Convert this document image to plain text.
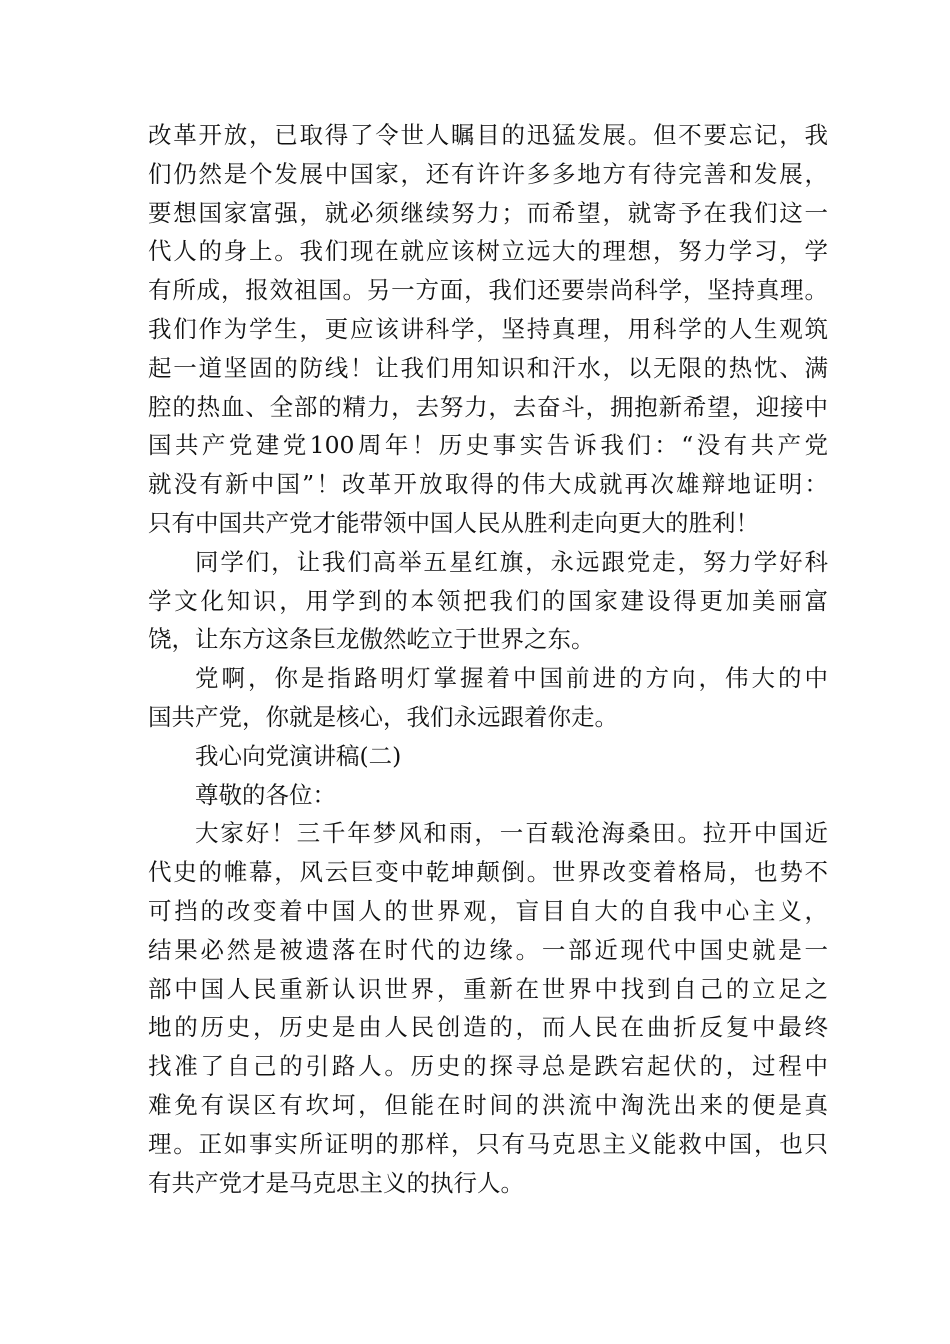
改革开放，已取得了令世人瞩目的迅猛发展。但不要忘记，我
们仍然是个发展中国家，还有许许多多地方有待完善和发展，
要想国家富强，就必须继续努力；而希望，就寄予在我们这一
代人的身上。我们现在就应该树立远大的理想，努力学习，学
有所成，报效祖国。另一方面，我们还要崇尚科学，坚持真理。
我们作为学生，更应该讲科学，坚持真理，用科学的人生观筑
起一道坚固的防线！让我们用知识和汗水，以无限的热忱、满
腔的热血、全部的精力，去努力，去奋斗，拥抱新希望，迎接中
国共产党建党100周年！历史事实告诉我们：“没有共产党
就没有新中国”！改革开放取得的伟大成就再次雄辩地证明：
只有中国共产党才能带领中国人民从胜利走向更大的胜利！
同学们，让我们高举五星红旗，永远跟党走，努力学好科
学文化知识，用学到的本领把我们的国家建设得更加美丽富
饶，让东方这条巨龙傲然屹立于世界之东。
党啊，你是指路明灯掌握着中国前进的方向，伟大的中
国共产党，你就是核心，我们永远跟着你走。
我心向党演讲稿(二)
尊敬的各位：
大家好！三千年梦风和雨，一百载沧海桑田。拉开中国近
代史的帷幕，风云巨变中乾坤颠倒。世界改变着格局，也势不
可挡的改变着中国人的世界观，盲目自大的自我中心主义，
结果必然是被遗落在时代的边缘。一部近现代中国史就是一
部中国人民重新认识世界，重新在世界中找到自己的立足之
地的历史，历史是由人民创造的，而人民在曲折反复中最终
找准了自己的引路人。历史的探寻总是跌宕起伏的，过程中
难免有误区有坎坷，但能在时间的洪流中淘洗出来的便是真
理。正如事实所证明的那样，只有马克思主义能救中国，也只
有共产党才是马克思主义的执行人。
